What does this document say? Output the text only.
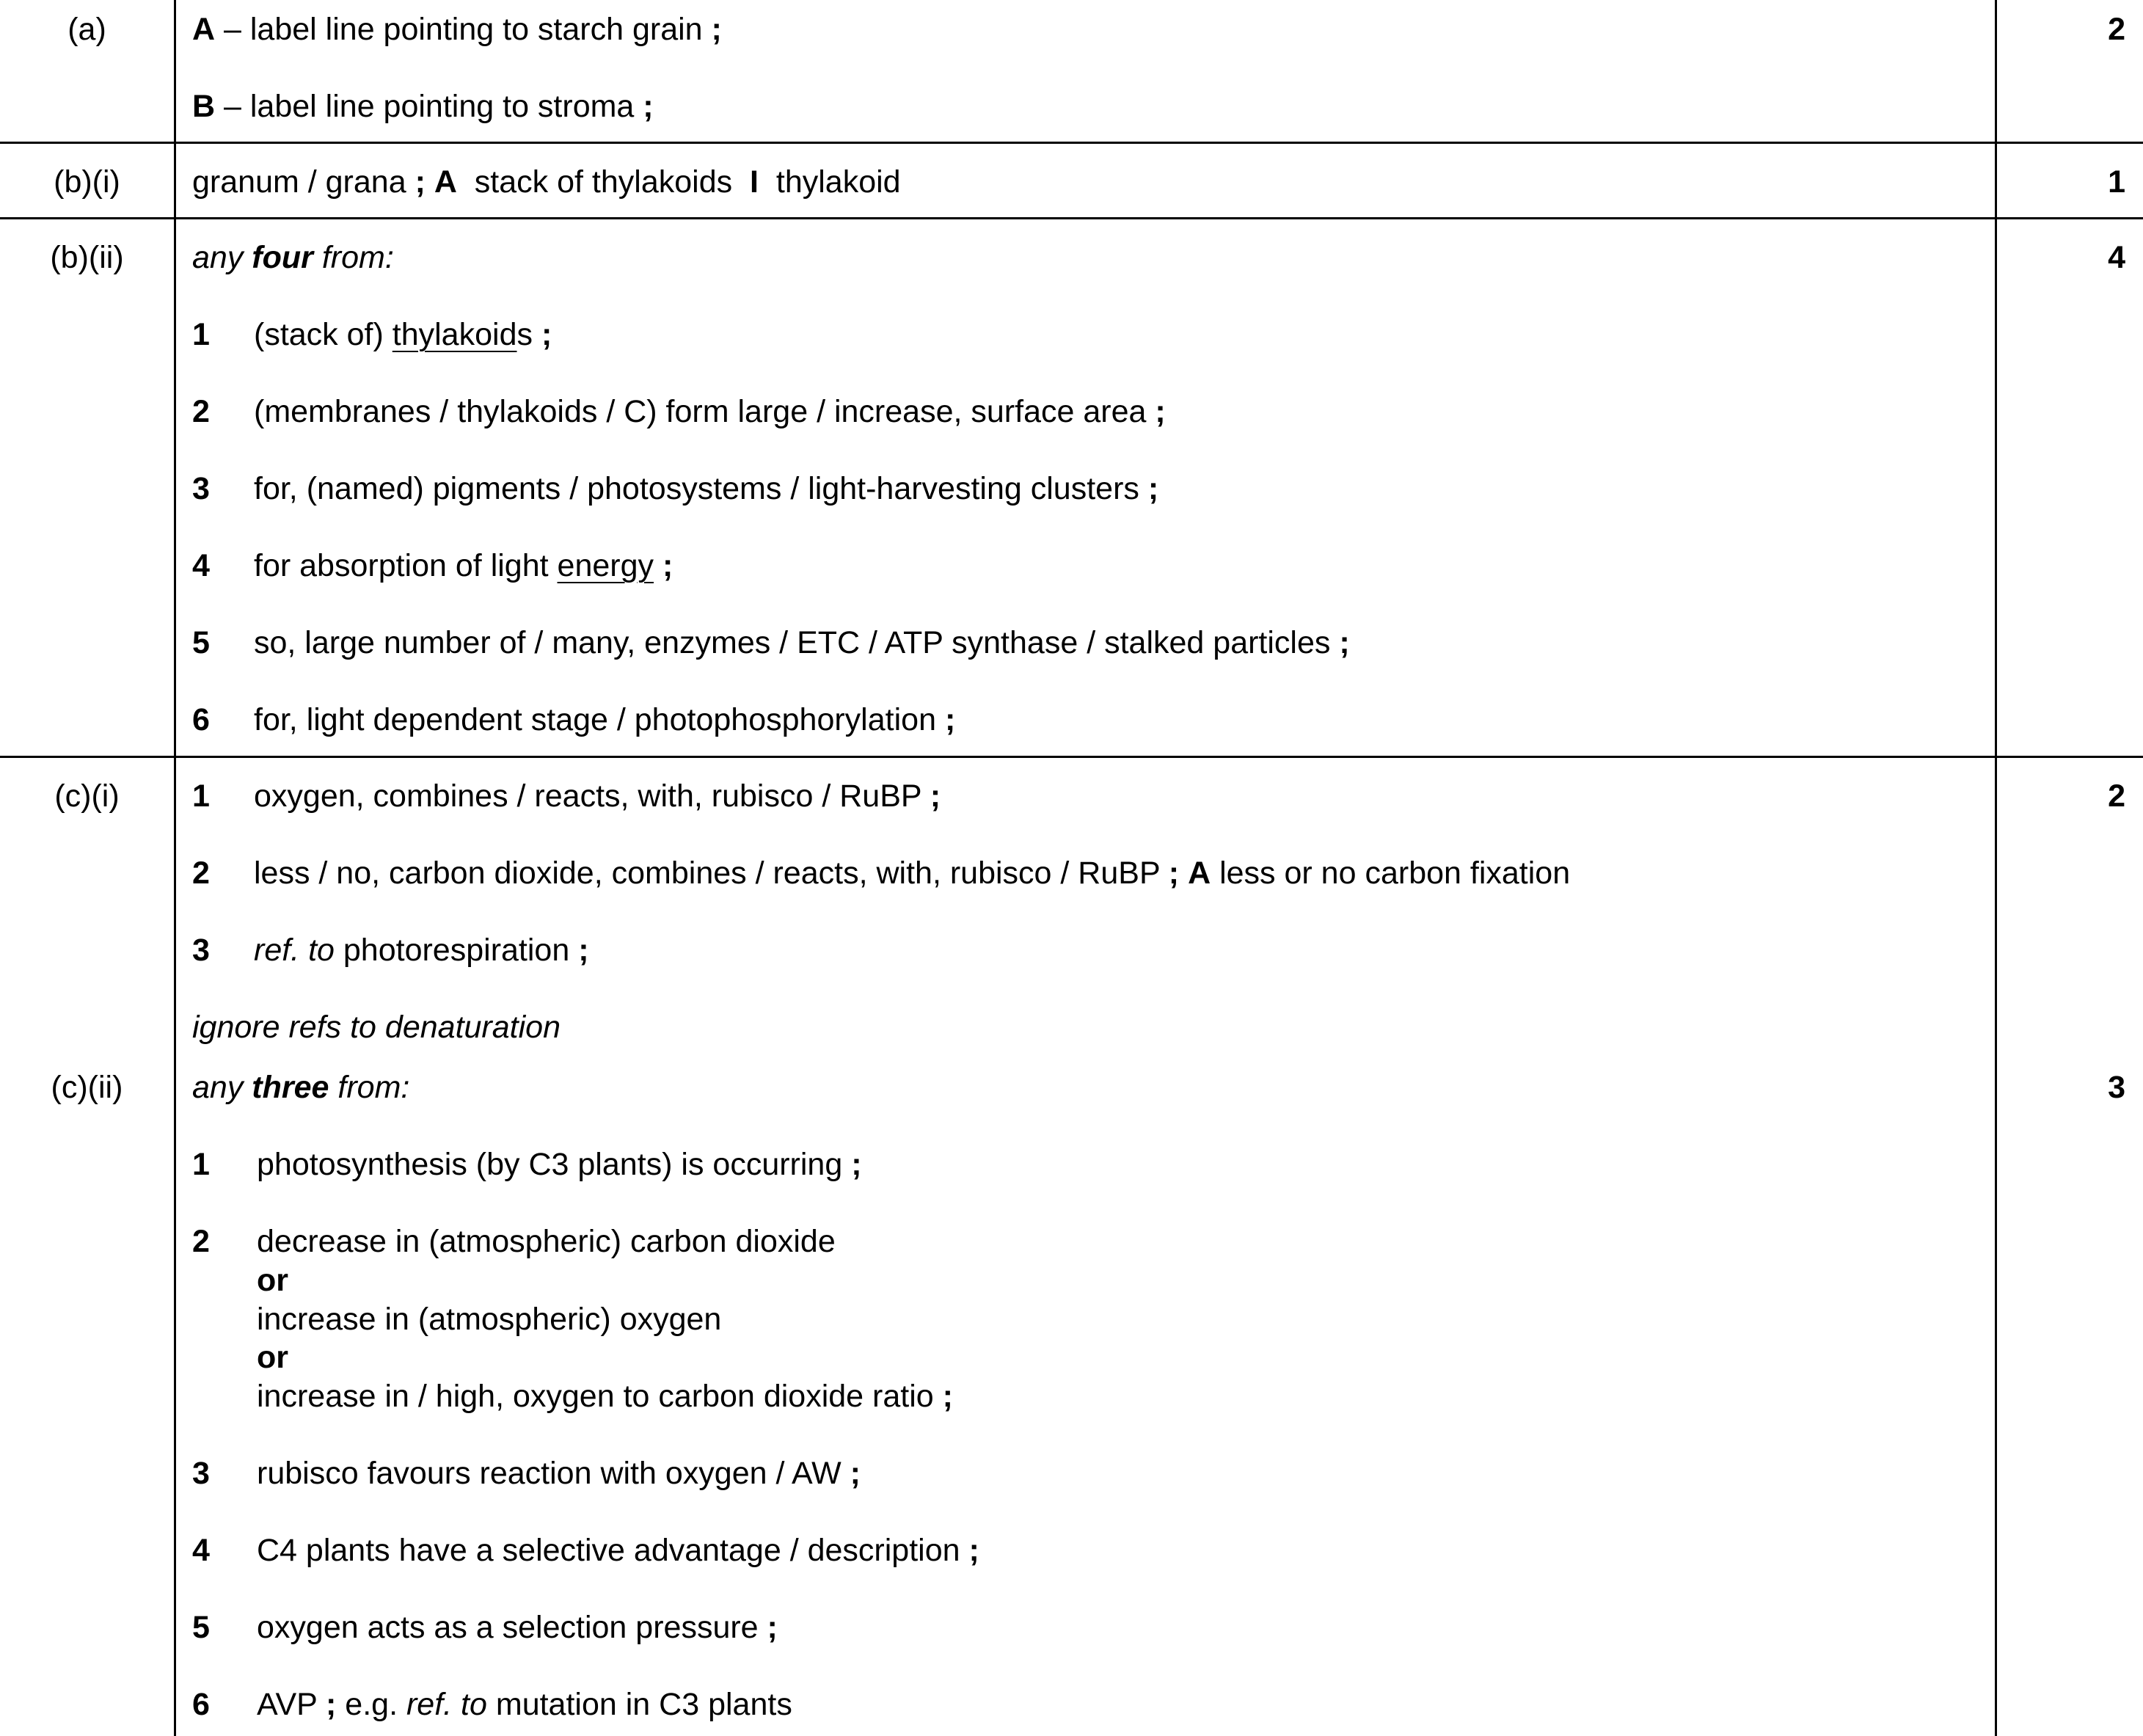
(a)	2
A – label line pointing to starch grain ;
B – label line pointing to stroma ;
(b)(i)	1
granum / grana ; A  stack of thylakoids  I  thylakoid
(b)(ii)	4
any four from:
1 (stack of) thylakoids ;
2 (membranes / thylakoids / C) form large / increase, surface area ;
3 for, (named) pigments / photosystems / light-harvesting clusters ;
4 for absorption of light energy ;
5 so, large number of / many, enzymes / ETC / ATP synthase / stalked particles ;
6 for, light dependent stage / photophosphorylation ;
(c)(i)	2
1 oxygen, combines / reacts, with, rubisco / RuBP ;
2 less / no, carbon dioxide, combines / reacts, with, rubisco / RuBP ; A less or no carbon fixation
3 ref. to photorespiration ;
ignore refs to denaturation
(c)(ii)	3
any three from:
1 photosynthesis (by C3 plants) is occurring ;
2 decrease in (atmospheric) carbon dioxide
or
increase in (atmospheric) oxygen
or
increase in / high, oxygen to carbon dioxide ratio ;
3 rubisco favours reaction with oxygen / AW ;
4 C4 plants have a selective advantage / description ;
5 oxygen acts as a selection pressure ;
6 AVP ; e.g. ref. to mutation in C3 plants
